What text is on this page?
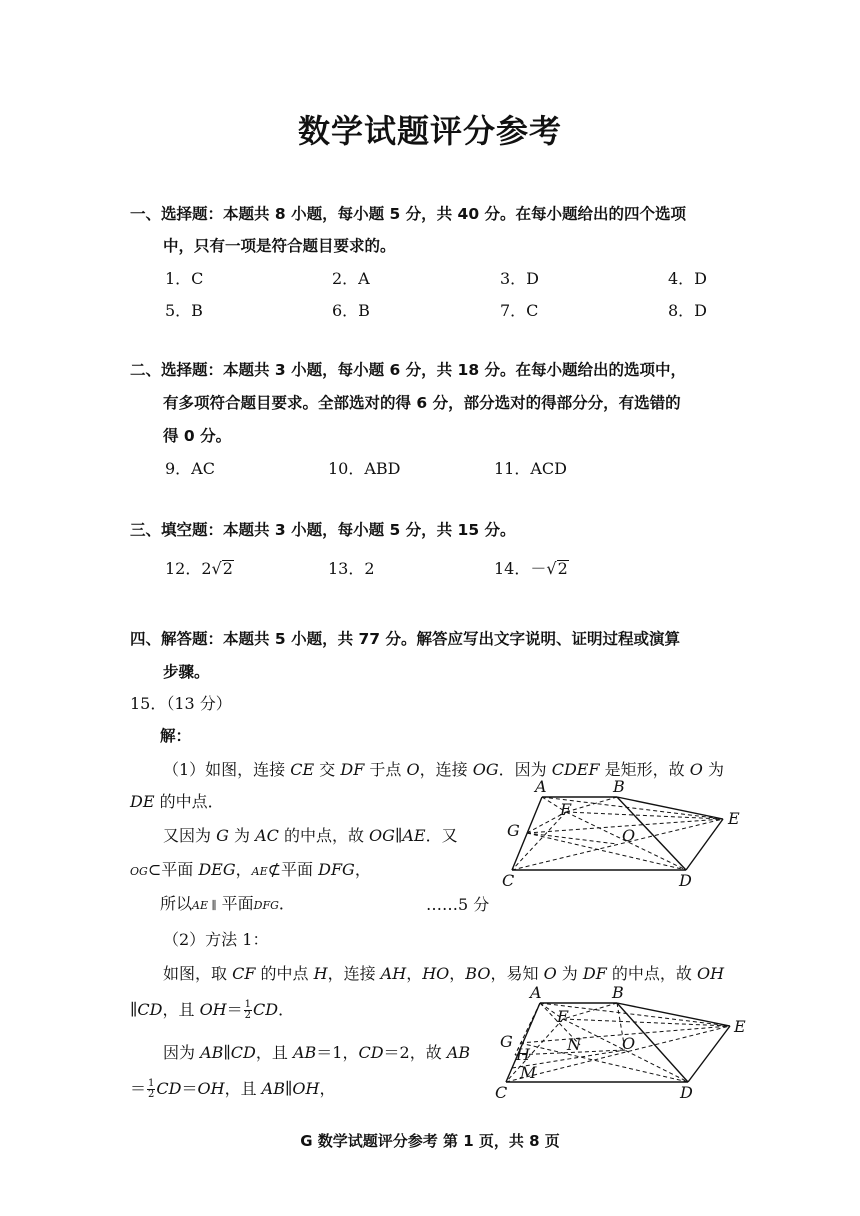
数学试题评分参考
一、选择题：本题共 8 小题，每小题 5 分，共 40 分。在每小题给出的四个选项
中，只有一项是符合题目要求的。
1．C	2．A	3．D	4．D
5．B	6．B	7．C	8．D
二、选择题：本题共 3 小题，每小题 6 分，共 18 分。在每小题给出的选项中，
有多项符合题目要求。全部选对的得 6 分，部分选对的得部分分，有选错的
得 0 分。
9．AC	10．ABD	11．ACD
三、填空题：本题共 3 小题，每小题 5 分，共 15 分。
12．2√2	13．2	14．－√2
四、解答题：本题共 5 小题，共 77 分。解答应写出文字说明、证明过程或演算
步骤。
15．（13 分）
解：
（1）如图，连接 CE 交 DF 于点 O，连接 OG．因为 CDEF 是矩形，故 O 为
DE 的中点．
又因为 G 为 AC 的中点，故 OG∥AE．又
OG⊂平面 DEG，AE⊄平面 DFG，
所以AE ∥ 平面DFG．	……5 分
（2）方法 1：
如图，取 CF 的中点 H，连接 AH，HO，BO，易知 O 为 DF 的中点，故 OH
∥CD，且 $OH= \frac{1}{2}$ CD．
因为 AB∥CD，且 AB＝1，CD＝2，故 AB
＝ $\frac{1}{2} CD=OH$，且 AB∥OH，
A	B
E
F
G	O
C	D
A	B
E
F
G
H
N	O
M
C	D
G 数学试题评分参考 第 1 页，共 8 页
